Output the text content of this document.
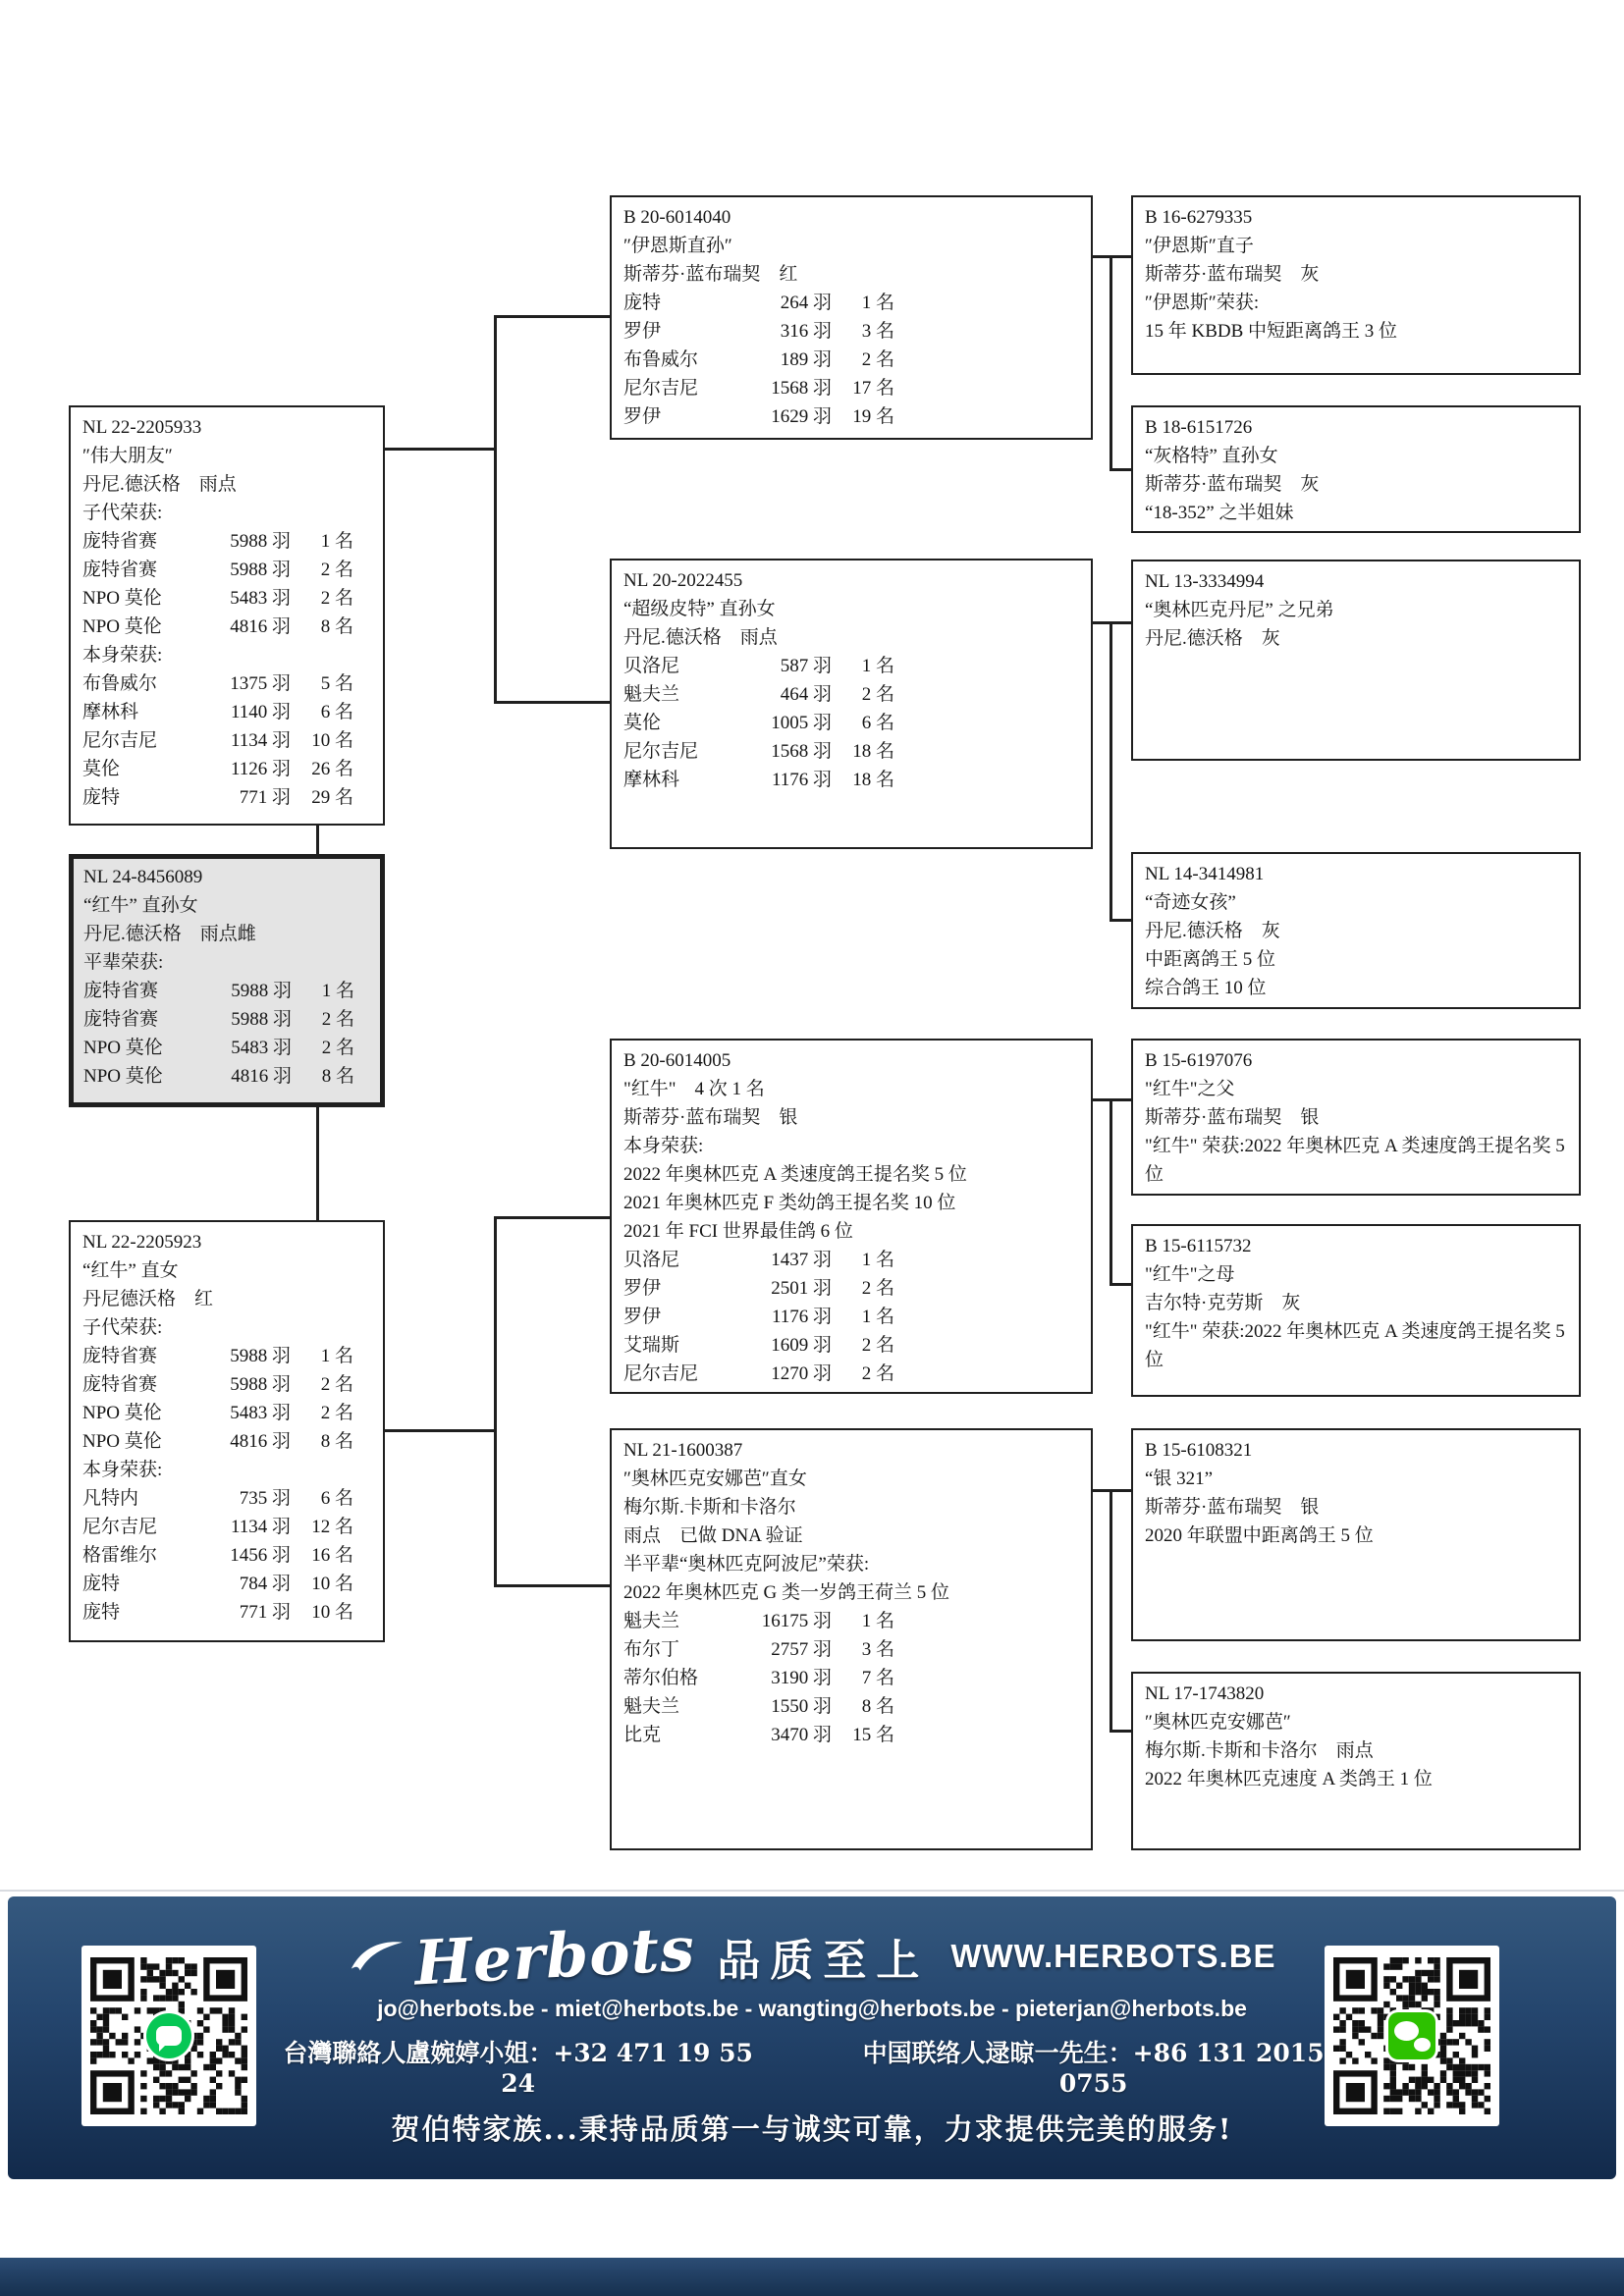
NL 22-2205933
″伟大朋友″
丹尼.德沃格　雨点
子代荣获:
庞特省赛	5988 羽	1 名
庞特省赛	5988 羽	2 名
NPO 莫伦	5483 羽	2 名
NPO 莫伦	4816 羽	8 名
本身荣获:
布鲁威尔	1375 羽	5 名
摩林科	1140 羽	6 名
尼尔吉尼	1134 羽	10 名
莫伦	1126 羽	26 名
庞特	771 羽	29 名
NL 24-8456089
“红牛” 直孙女
丹尼.德沃格　雨点雌
平辈荣获:
庞特省赛	5988 羽	1 名
庞特省赛	5988 羽	2 名
NPO 莫伦	5483 羽	2 名
NPO 莫伦	4816 羽	8 名
NL 22-2205923
“红牛” 直女
丹尼德沃格　红
子代荣获:
庞特省赛	5988 羽	1 名
庞特省赛	5988 羽	2 名
NPO 莫伦	5483 羽	2 名
NPO 莫伦	4816 羽	8 名
本身荣获:
凡特内	735 羽	6 名
尼尔吉尼	1134 羽	12 名
格雷维尔	1456 羽	16 名
庞特	784 羽	10 名
庞特	771 羽	10 名
B 20-6014040
″伊恩斯直孙″
斯蒂芬·蓝布瑞契　红
庞特	264 羽	1 名
罗伊	316 羽	3 名
布鲁威尔	189 羽	2 名
尼尔吉尼	1568 羽	17 名
罗伊	1629 羽	19 名
NL 20-2022455
“超级皮特” 直孙女
丹尼.德沃格　雨点
贝洛尼	587 羽	1 名
魁夫兰	464 羽	2 名
莫伦	1005 羽	6 名
尼尔吉尼	1568 羽	18 名
摩林科	1176 羽	18 名
B 20-6014005
"红牛"　4 次 1 名
斯蒂芬·蓝布瑞契　银
本身荣获:
2022 年奥林匹克 A 类速度鸽王提名奖 5 位
2021 年奥林匹克 F 类幼鸽王提名奖 10 位
2021 年 FCI 世界最佳鸽 6 位
贝洛尼	1437 羽	1 名
罗伊	2501 羽	2 名
罗伊	1176 羽	1 名
艾瑞斯	1609 羽	2 名
尼尔吉尼	1270 羽	2 名
NL 21-1600387
″奥林匹克安娜芭″直女
梅尔斯.卡斯和卡洛尔
雨点　已做 DNA 验证
半平辈“奥林匹克阿波尼”荣获:
2022 年奥林匹克 G 类一岁鸽王荷兰 5 位
魁夫兰	16175 羽	1 名
布尔丁	2757 羽	3 名
蒂尔伯格	3190 羽	7 名
魁夫兰	1550 羽	8 名
比克	3470 羽	15 名
B 16-6279335
″伊恩斯″直子
斯蒂芬·蓝布瑞契　灰
″伊恩斯″荣获:
15 年 KBDB 中短距离鸽王 3 位
B 18-6151726
“灰格特” 直孙女
斯蒂芬·蓝布瑞契　灰
“18-352” 之半姐妹
NL 13-3334994
“奥林匹克丹尼” 之兄弟
丹尼.德沃格　灰
NL 14-3414981
“奇迹女孩”
丹尼.德沃格　灰
中距离鸽王 5 位
综合鸽王 10 位
B 15-6197076
"红牛"之父
斯蒂芬·蓝布瑞契　银
"红牛" 荣获:2022 年奥林匹克 A 类速度鸽王提名奖 5 位
B 15-6115732
"红牛"之母
吉尔特·克劳斯　灰
"红牛" 荣获:2022 年奥林匹克 A 类速度鸽王提名奖 5 位
B 15-6108321
“银 321”
斯蒂芬·蓝布瑞契　银
2020 年联盟中距离鸽王 5 位
NL 17-1743820
″奥林匹克安娜芭″
梅尔斯.卡斯和卡洛尔　雨点
2022 年奥林匹克速度 A 类鸽王 1 位
Herbots 品质至上 WWW.HERBOTS.BE
jo@herbots.be - miet@herbots.be - wangting@herbots.be - pieterjan@herbots.be
台灣聯絡人盧婉婷小姐：+32 471 19 55 24
中国联络人逯晾一先生：+86 131 2015 0755
贺伯特家族...秉持品质第一与诚实可靠，力求提供完美的服务!
